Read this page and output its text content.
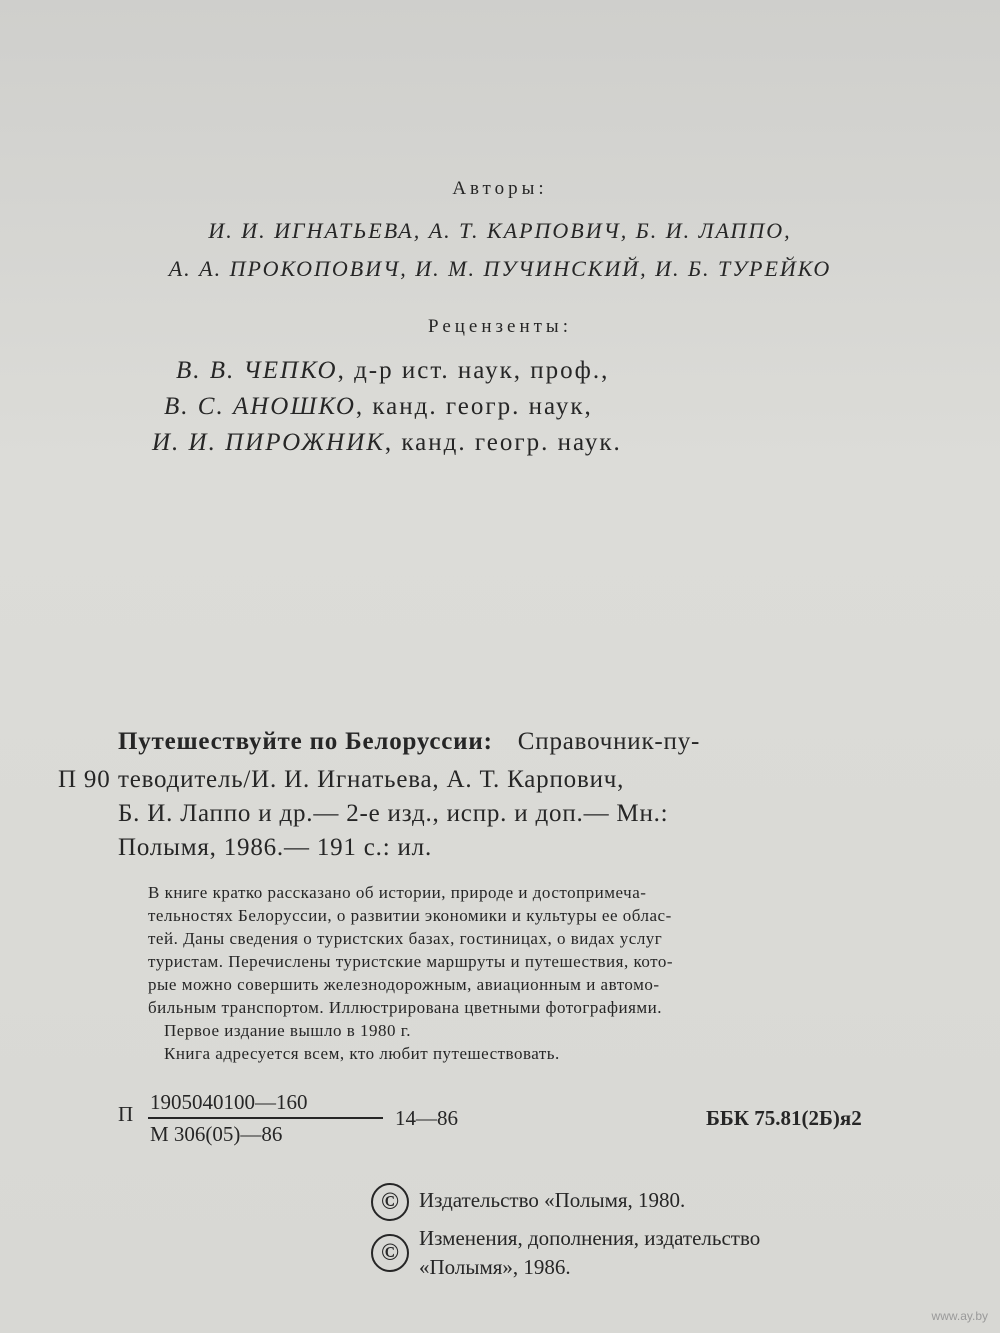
Авторы:
И. И. ИГНАТЬЕВА, А. Т. КАРПОВИЧ, Б. И. ЛАППО,
А. А. ПРОКОПОВИЧ, И. М. ПУЧИНСКИЙ, И. Б. ТУРЕЙКО
Рецензенты:
В. В. ЧЕПКО, д-р ист. наук, проф.,
В. С. АНОШКО, канд. геогр. наук,
И. И. ПИРОЖНИК, канд. геогр. наук.
Путешествуйте по Белоруссии: Справочник-пу-
П 90 теводитель/И. И. Игнатьева, А. Т. Карпович,
Б. И. Лаппо и др.— 2-е изд., испр. и доп.— Мн.:
Полымя, 1986.— 191 с.: ил.
В книге кратко рассказано об истории, природе и достопримеча-
тельностях Белоруссии, о развитии экономики и культуры ее облас-
тей. Даны сведения о туристских базах, гостиницах, о видах услуг
туристам. Перечислены туристские маршруты и путешествия, кото-
рые можно совершить железнодорожным, авиационным и автомо-
бильным транспортом. Иллюстрирована цветными фотографиями.
Первое издание вышло в 1980 г.
Книга адресуется всем, кто любит путешествовать.
П 1905040100—160
М 306(05)—86
14—86	ББК 75.81(2Б)я2
© Издательство «Полымя, 1980.
©
Изменения, дополнения, издательство
«Полымя», 1986.
www.ay.by
